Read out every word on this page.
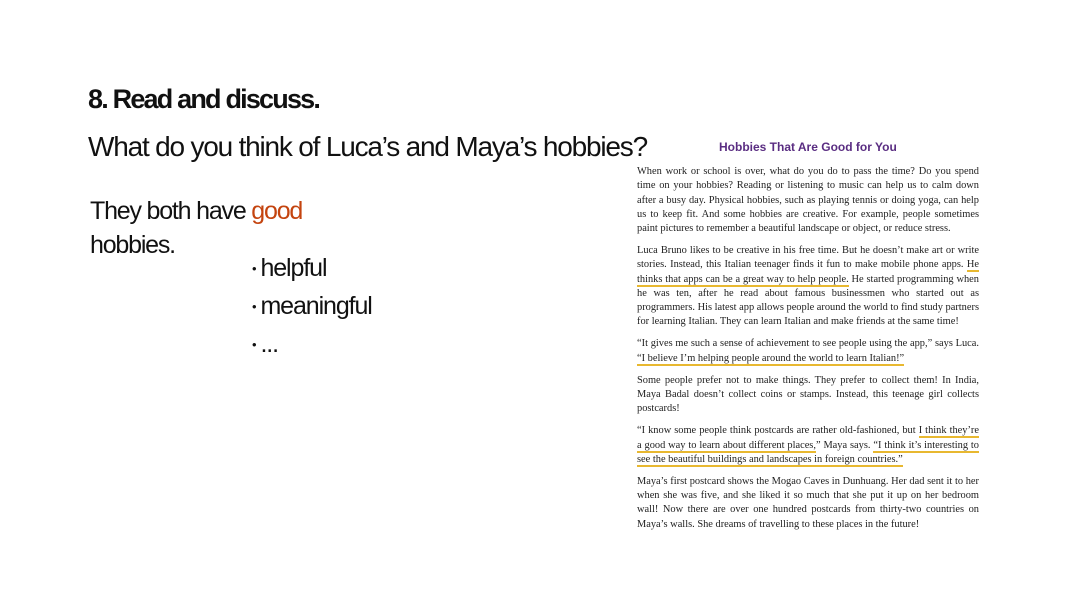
8. Read and discuss.

What do you think of Luca’s and Maya’s hobbies?

They both have good hobbies.

• helpful
• meaningful
• ...
Hobbies That Are Good for You

When work or school is over, what do you do to pass the time? Do you spend time on your hobbies? Reading or listening to music can help us to calm down after a busy day. Physical hobbies, such as playing tennis or doing yoga, can help us to keep fit. And some hobbies are creative. For example, people sometimes paint pictures to remember a beautiful landscape or object, or reduce stress.

Luca Bruno likes to be creative in his free time. But he doesn’t make art or write stories. Instead, this Italian teenager finds it fun to make mobile phone apps. He thinks that apps can be a great way to help people. He started programming when he was ten, after he read about famous businessmen who started out as programmers. His latest app allows people around the world to find study partners for learning Italian. They can learn Italian and make friends at the same time!

“It gives me such a sense of achievement to see people using the app,” says Luca. “I believe I’m helping people around the world to learn Italian!”

Some people prefer not to make things. They prefer to collect them! In India, Maya Badal doesn’t collect coins or stamps. Instead, this teenage girl collects postcards!

“I know some people think postcards are rather old-fashioned, but I think they’re a good way to learn about different places,” Maya says. “I think it’s interesting to see the beautiful buildings and landscapes in foreign countries.”

Maya’s first postcard shows the Mogao Caves in Dunhuang. Her dad sent it to her when she was five, and she liked it so much that she put it up on her bedroom wall! Now there are over one hundred postcards from thirty-two countries on Maya’s walls. She dreams of travelling to these places in the future!
